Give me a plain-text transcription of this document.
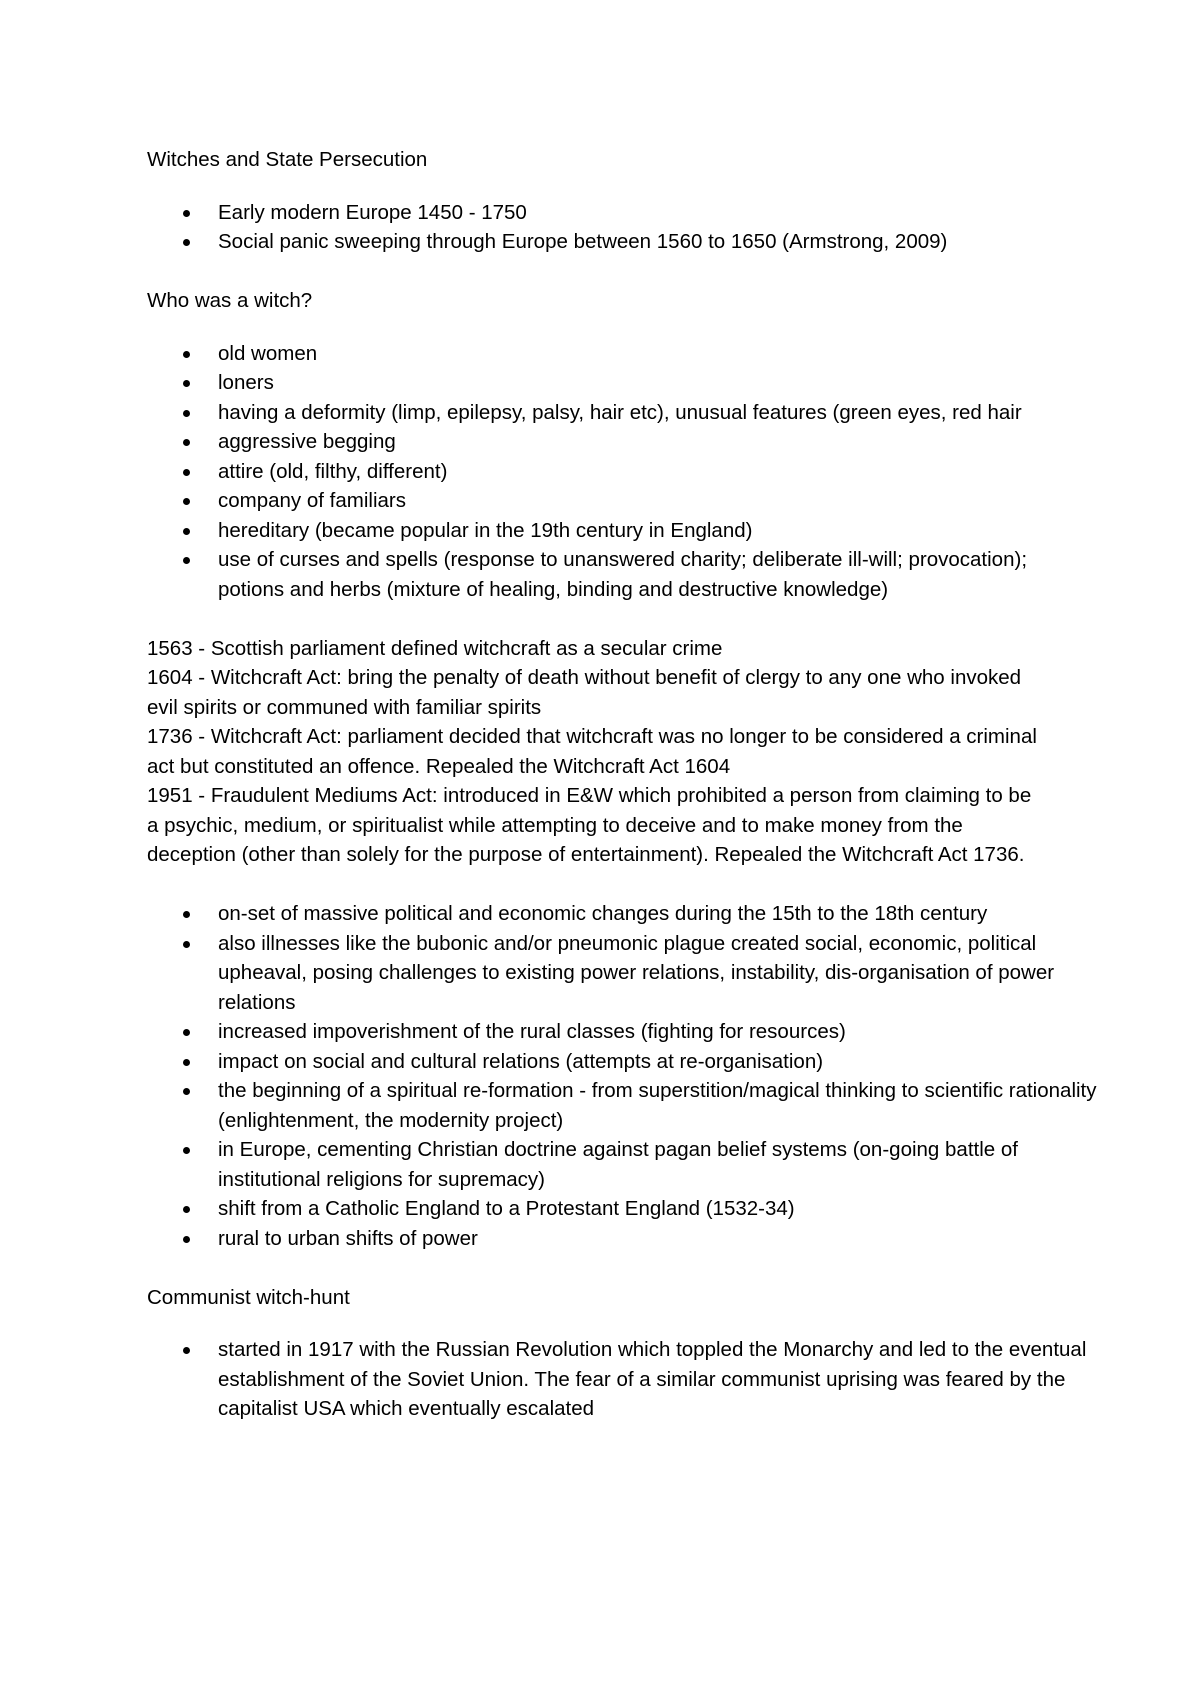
Witches and State Persecution

Early modern Europe 1450 - 1750
Social panic sweeping through Europe between 1560 to 1650 (Armstrong, 2009)

Who was a witch?

old women
loners
having a deformity (limp, epilepsy, palsy, hair etc), unusual features (green eyes, red hair
aggressive begging
attire (old, filthy, different)
company of familiars
hereditary (became popular in the 19th century in England)
use of curses and spells (response to unanswered charity; deliberate ill-will; provocation); potions and herbs (mixture of healing, binding and destructive knowledge)

1563 - Scottish parliament defined witchcraft as a secular crime

1604 - Witchcraft Act: bring the penalty of death without benefit of clergy to any one who invoked evil spirits or communed with familiar spirits

1736 - Witchcraft Act: parliament decided that witchcraft was no longer to be considered a criminal act but constituted an offence. Repealed the Witchcraft Act 1604

1951 - Fraudulent Mediums Act: introduced in E&W which prohibited a person from claiming to be a psychic, medium, or spiritualist while attempting to deceive and to make money from the deception (other than solely for the purpose of entertainment). Repealed the Witchcraft Act 1736.

on-set of massive political and economic changes during the 15th to the 18th century
also illnesses like the bubonic and/or pneumonic plague created social, economic, political upheaval, posing challenges to existing power relations, instability, dis-organisation of power relations
increased impoverishment of the rural classes (fighting for resources)
impact on social and cultural relations (attempts at re-organisation)
the beginning of a spiritual re-formation - from superstition/magical thinking to scientific rationality (enlightenment, the modernity project)
in Europe, cementing Christian doctrine against pagan belief systems (on-going battle of institutional religions for supremacy)
shift from a Catholic England to a Protestant England (1532-34)
rural to urban shifts of power

Communist witch-hunt

started in 1917 with the Russian Revolution which toppled the Monarchy and led to the eventual establishment of the Soviet Union. The fear of a similar communist uprising was feared by the capitalist USA which eventually escalated
